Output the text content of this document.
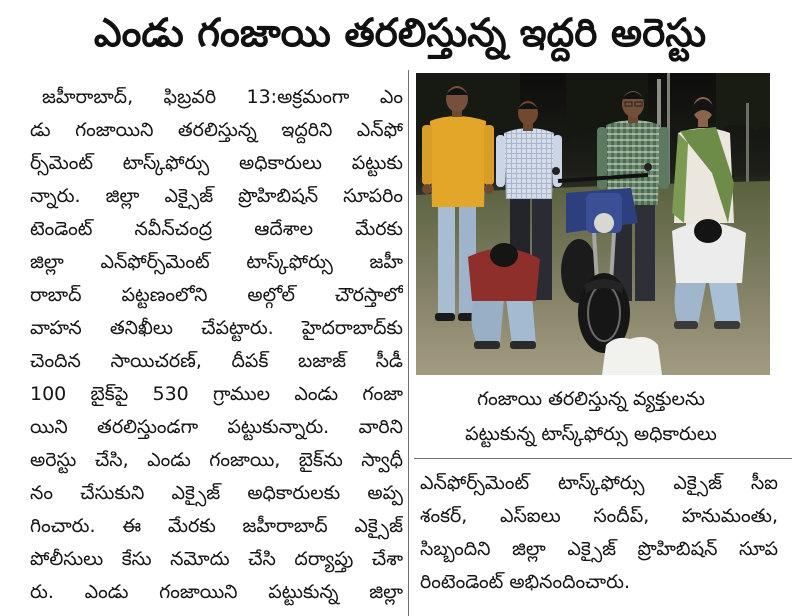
ఎండు గంజాయి తరలిస్తున్న ఇద్దరి అరెస్టు
జహీరాబాద్, ఫిబ్రవరి 13:అక్రమంగా ఎం
డు గంజాయిని తరలిస్తున్న ఇద్దరిని ఎన్‌ఫో
ర్స్‌మెంట్ టాస్క్‌ఫోర్సు అధికారులు పట్టుకు
న్నారు. జిల్లా ఎక్సైజ్ ప్రొహిబిషన్ సూపరిం
టెండెంట్ నవీన్‌చంద్ర ఆదేశాల మేరకు
జిల్లా ఎన్‌ఫోర్స్‌మెంట్ టాస్క్‌ఫోర్సు జహీ
రాబాద్ పట్టణంలోని అల్గోల్ చౌరస్తాలో
వాహన తనిఖీలు చేపట్టారు. హైదరాబాద్‌కు
చెందిన సాయిచరణ్, దీపక్ బజాజ్ సీడీ
100 బైక్‌పై 530 గ్రాముల ఎండు గంజా
యిని తరలిస్తుండగా పట్టుకున్నారు. వారిని
అరెస్టు చేసి, ఎండు గంజాయి, బైక్‌ను స్వాధీ
నం చేసుకుని ఎక్సైజ్ అధికారులకు అప్ప
గించారు. ఈ మేరకు జహీరాబాద్ ఎక్సైజ్
పోలీసులు కేసు నమోదు చేసి దర్యాప్తు చేశా
రు. ఎండు గంజాయిని పట్టుకున్న జిల్లా
గంజాయి తరలిస్తున్న వ్యక్తులను
పట్టుకున్న టాస్క్‌ఫోర్సు అధికారులు
ఎన్‌ఫోర్స్‌మెంట్ టాస్క్‌ఫోర్సు ఎక్సైజ్ సీఐ
శంకర్, ఎస్‌ఐలు సందీప్, హనుమంతు,
సిబ్బందిని జిల్లా ఎక్సైజ్ ప్రొహిబిషన్ సూప
రింటెండెంట్ అభినందించారు.
